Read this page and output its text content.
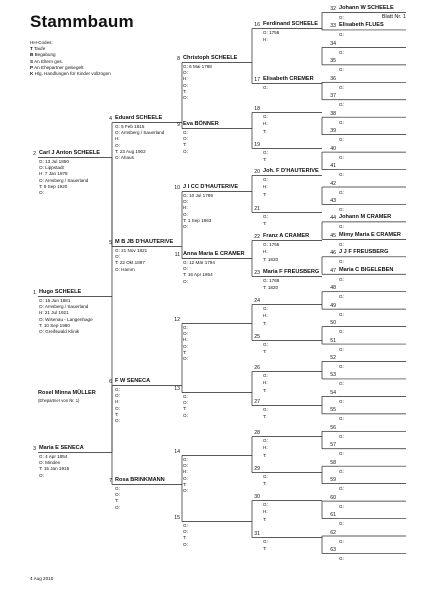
Stammbaum	Blatt Nr. 1
HH-Codes:
T Taufe
B Begabung
S An Eltern ges.
P An Ehepartner gesiegelt
K Hlg. Handlungen für Kinder vollzogen
Rosel Minna MÜLLER
(Ehepartner von Nr. 1)
4 Aug 2010
1 Hugo SCHEELE
G: 15 Jun 1881
O: Arnsberg / Sauerland
H: 21 Jul 1921
O: Wisenau - Langenhage
T: 10 Sep 1960
O: Greifswald Klinik
2 Carl J Anton SCHEELE
G: 13 Jul 1850
O: Lippstadt
H: 7 Jan 1878
O: Arnsberg / Sauerland
T: 9 Sep 1920
O:
3 Maria E SENECA
G: 4 Apr 1854
O: Minden
T: 15 Jan 1915
O:
4 Eduard SCHEELE
G: 5 Feb 1815
O: Arnsberg / Sauerland
H:
O:
T: 23 Aug 1902
O: Ahaus
5 M B JB D'HAUTERIVE
G: 21 Nov 1821
O:
T: 22 Okt 1897
O: Hamm
6 F W SENECA
G:
O:
H:
O:
T:
O:
7 Rosa BRINKMANN
G:
O:
T:
O:
8 Christoph SCHEELE
G: 6 Mai 1788
O:
H:
O:
T:
O:
9 Eva BÖNNER
G:
O:
T:
O:
10 J I CC D'HAUTERIVE
G: 10 Jul 1789
O:
H:
O:
T: 1 Sep 1863
O:
11 Anna Maria E CRAMER
G: 12 Mär 1794
O:
T: 16 Apr 1854
O:
12
G:
O:
H:
O:
T:
O:
13
G:
O:
T:
O:
14
G:
O:
H:
O:
T:
O:
15
G:
O:
T:
O:
16 Ferdinand SCHEELE
G: 1758
H:
17 Elisabeth CREMER
G:
18
G:
H:
T:
19
G:
T:
20 Joh. F D'HAUTERIVE
G:
H:
T:
21
G:
T:
22 Franz A CRAMER
G: 1755
H:
T: 1820
23 Maria F FREUSBERG
G: 1768
T: 1820
24
G:
H:
T:
25
G:
T:
26
G:
H:
T:
27
G:
T:
28
G:
H:
T:
29
G:
T:
30
G:
H:
T:
31
G:
T:
32 Johann W SCHEELE
G:
33 Elisabeth FLUES
G:
34
G:
35
G:
36
G:
37
G:
38
G:
39
G:
40
G:
41
G:
42
G:
43
G:
44 Johann M CRAMER
G:
45 Mimy Maria E CRAMER
G:
46 J J F FREUSBERG
G:
47 Maria C BIGELEBEN
G:
48
G:
49
G:
50
G:
51
G:
52
G:
53
G:
54
G:
55
G:
56
G:
57
G:
58
G:
59
G:
60
G:
61
G:
62
G:
63
G:
